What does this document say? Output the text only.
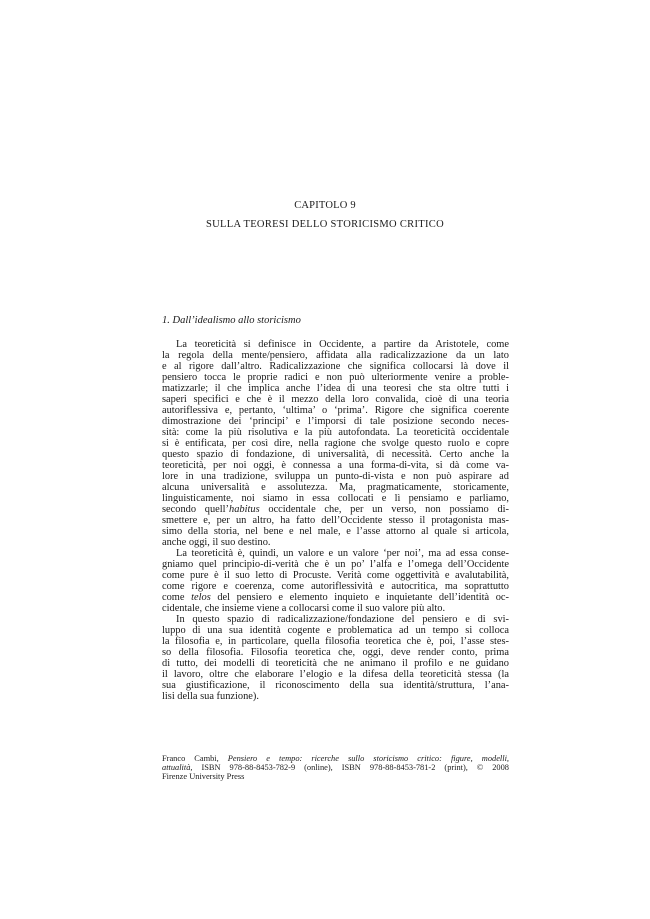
CAPITOLO 9
SULLA TEORESI DELLO STORICISMO CRITICO
1. Dall’idealismo allo storicismo
La teoreticità si definisce in Occidente, a partire da Aristotele, come
la regola della mente/pensiero, affidata alla radicalizzazione da un lato
e al rigore dall’altro. Radicalizzazione che significa collocarsi là dove il
pensiero tocca le proprie radici e non può ulteriormente venire a proble-
matizzarle; il che implica anche l’idea di una teoresi che sta oltre tutti i
saperi specifici e che è il mezzo della loro convalida, cioè di una teoria
autoriflessiva e, pertanto, ‘ultima’ o ‘prima’. Rigore che significa coerente
dimostrazione dei ‘principi’ e l’imporsi di tale posizione secondo neces-
sità: come la più risolutiva e la più autofondata. La teoreticità occidentale
si è entificata, per così dire, nella ragione che svolge questo ruolo e copre
questo spazio di fondazione, di universalità, di necessità. Certo anche la
teoreticità, per noi oggi, è connessa a una forma-di-vita, si dà come va-
lore in una tradizione, sviluppa un punto-di-vista e non può aspirare ad
alcuna universalità e assolutezza. Ma, pragmaticamente, storicamente,
linguisticamente, noi siamo in essa collocati e lì pensiamo e parliamo,
secondo quell’habitus occidentale che, per un verso, non possiamo di-
smettere e, per un altro, ha fatto dell’Occidente stesso il protagonista mas-
simo della storia, nel bene e nel male, e l’asse attorno al quale si articola,
anche oggi, il suo destino.
La teoreticità è, quindi, un valore e un valore ‘per noi’, ma ad essa conse-
gniamo quel principio-di-verità che è un po’ l’alfa e l’omega dell’Occidente
come pure è il suo letto di Procuste. Verità come oggettività e avalutabilità,
come rigore e coerenza, come autoriflessività e autocritica, ma soprattutto
come telos del pensiero e elemento inquieto e inquietante dell’identità oc-
cidentale, che insieme viene a collocarsi come il suo valore più alto.
In questo spazio di radicalizzazione/fondazione del pensiero e di svi-
luppo di una sua identità cogente e problematica ad un tempo si colloca
la filosofia e, in particolare, quella filosofia teoretica che è, poi, l’asse stes-
so della filosofia. Filosofia teoretica che, oggi, deve render conto, prima
di tutto, dei modelli di teoreticità che ne animano il profilo e ne guidano
il lavoro, oltre che elaborare l’elogio e la difesa della teoreticità stessa (la
sua giustificazione, il riconoscimento della sua identità/struttura, l’ana-
lisi della sua funzione).
Franco Cambi, Pensiero e tempo: ricerche sullo storicismo critico: figure, modelli,
attualità, ISBN 978-88-8453-782-9 (online), ISBN 978-88-8453-781-2 (print), © 2008
Firenze University Press
